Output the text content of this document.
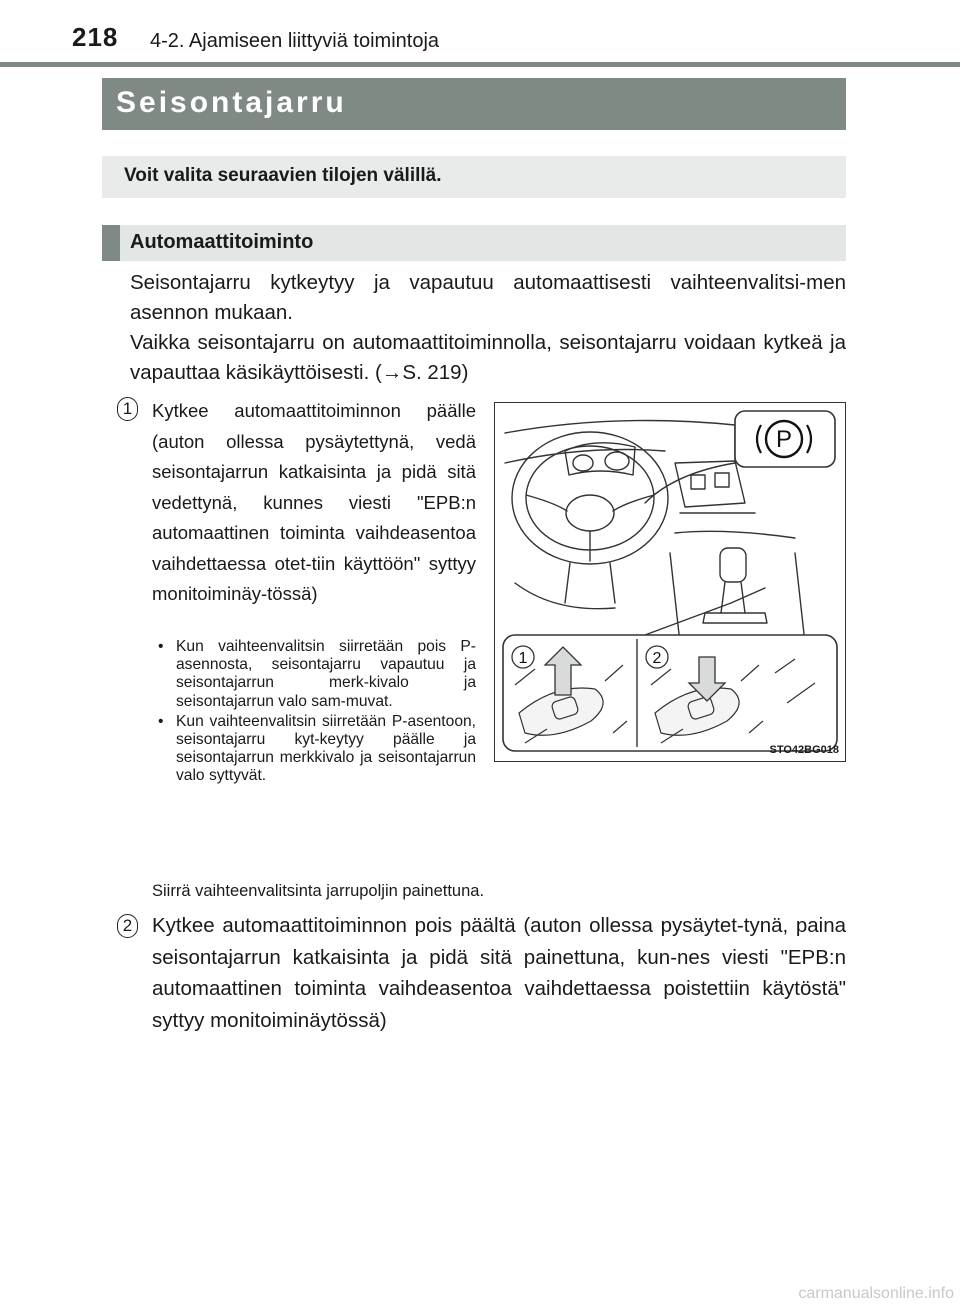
218 4-2. Ajamiseen liittyviä toimintoja
Seisontajarru
Voit valita seuraavien tilojen välillä.
Automaattitoiminto
Seisontajarru kytkeytyy ja vapautuu automaattisesti vaihteenvalitsi-men asennon mukaan.
Vaikka seisontajarru on automaattitoiminnolla, seisontajarru voidaan kytkeä ja vapauttaa käsikäyttöisesti. (→S. 219)
1	Kytkee automaattitoiminnon päälle (auton ollessa pysäytettynä, vedä seisontajarrun katkaisinta ja pidä sitä vedettynä, kunnes viesti "EPB:n automaattinen toiminta vaihdeasentoa vaihdettaessa otet-tiin käyttöön" syttyy monitoiminäy-tössä)
• Kun vaihteenvalitsin siirretään pois P-asennosta, seisontajarru vapautuu ja seisontajarrun merk-kivalo ja seisontajarrun valo sam-muvat.
• Kun vaihteenvalitsin siirretään P-asentoon, seisontajarru kyt-keytyy päälle ja seisontajarrun merkkivalo ja seisontajarrun valo syttyvät.
Siirrä vaihteenvalitsinta jarrupoljin painettuna.
2 Kytkee automaattitoiminnon pois päältä (auton ollessa pysäytet-tynä, paina seisontajarrun katkaisinta ja pidä sitä painettuna, kun-nes viesti "EPB:n automaattinen toiminta vaihdeasentoa vaihdettaessa poistettiin käytöstä" syttyy monitoiminäytössä)
P
1	2
STO42BG018
carmanualsonline.info
